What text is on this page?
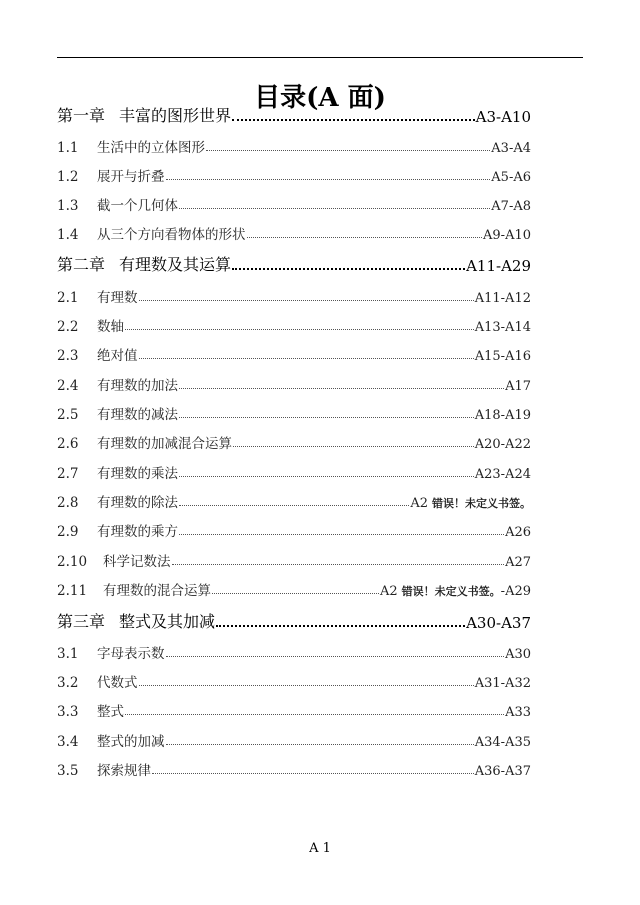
目录(A 面)
第一章 丰富的图形世界	A3-A10
1.1	生活中的立体图形	A3-A4
1.2	展开与折叠	A5-A6
1.3	截一个几何体	A7-A8
1.4	从三个方向看物体的形状	A9-A10
第二章 有理数及其运算	A11-A29
2.1	有理数	A11-A12
2.2	数轴	A13-A14
2.3	绝对值	A15-A16
2.4	有理数的加法	A17
2.5	有理数的减法	A18-A19
2.6	有理数的加减混合运算	A20-A22
2.7	有理数的乘法	A23-A24
2.8	有理数的除法	A2 错误！未定义书签。
2.9	有理数的乘方	A26
2.10	科学记数法	A27
2.11	有理数的混合运算	A2 错误！未定义书签。 -A29
第三章 整式及其加减	A30-A37
3.1	字母表示数	A30
3.2	代数式	A31-A32
3.3	整式	A33
3.4	整式的加减	A34-A35
3.5	探索规律	A36-A37
A 1
